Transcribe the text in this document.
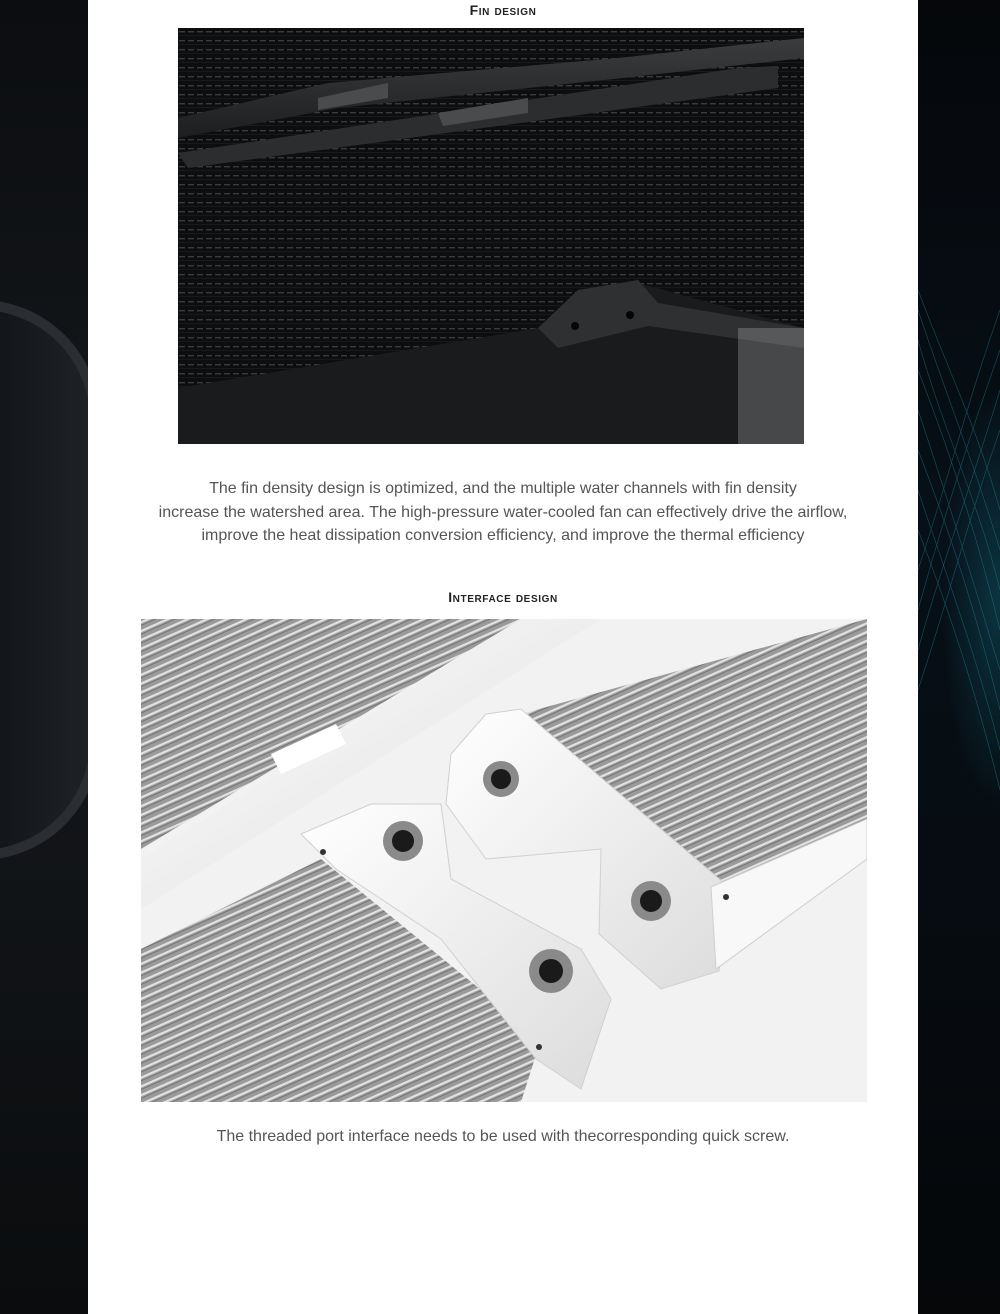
Fin design
The fin density design is optimized, and the multiple water channels with fin density
increase the watershed area. The high-pressure water-cooled fan can effectively drive the airflow,
improve the heat dissipation conversion efficiency, and improve the thermal efficiency
Interface design
The threaded port interface needs to be used with thecorresponding quick screw.
